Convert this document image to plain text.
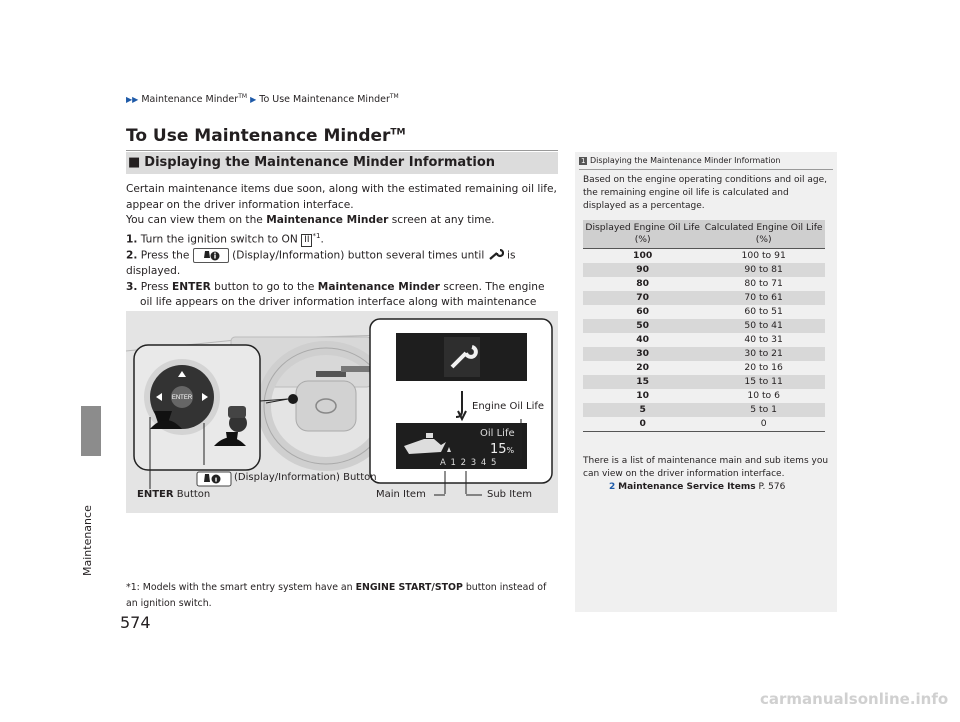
Maintenance
▶▶ Maintenance Minder™ ▶ To Use Maintenance Minder™
To Use Maintenance Minder™
■ Displaying the Maintenance Minder Information

Certain maintenance items due soon, along with the estimated remaining oil life, appear on the driver information interface.

You can view them on the Maintenance Minder screen at any time.

1. Turn the ignition switch to ON II $^{*1}$.

2. Press the	(Display/Information) button several times until  is displayed.

3. Press ENTER button to go to the Maintenance Minder screen. The engine oil life appears on the driver information interface along with maintenance

ENTER
Engine Oil Life
Oil Life
15%
A 1 2 3 4 5
(Display/Information) Button
ENTER Button	Main Item	Sub Item
*1: Models with the smart entry system have an ENGINE START/STOP button instead of an ignition switch.
1 Displaying the Maintenance Minder Information
Based on the engine operating conditions and oil age, the remaining engine oil life is calculated and displayed as a percentage.
Displayed Engine Oil Life (%)	Calculated Engine Oil Life (%)
100	100 to 91
90	90 to 81
80	80 to 71
70	70 to 61
60	60 to 51
50	50 to 41
40	40 to 31
30	30 to 21
20	20 to 16
15	15 to 11
10	10 to 6
5	5 to 1
0	0
There is a list of maintenance main and sub items you can view on the driver information interface.
2 Maintenance Service Items P. 576
574
carmanualsonline.info
